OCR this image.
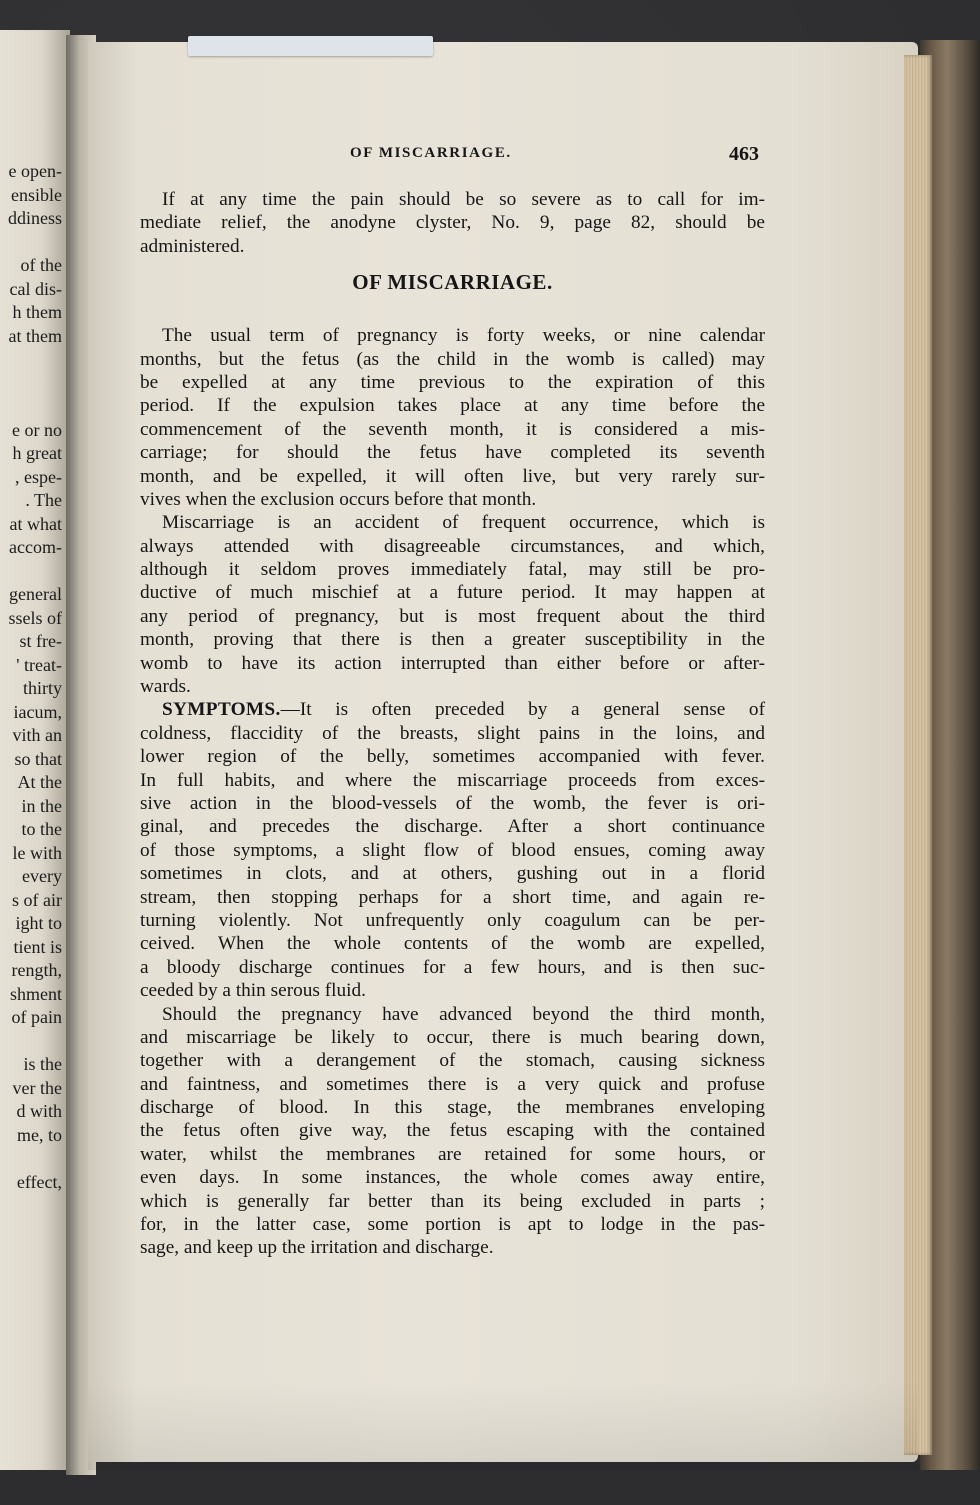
e open-
ensible
ddiness

of the
cal dis-
h them
at them

e or no
h great
, espe-
. The
at what
accom-

general
ssels of
st fre-
' treat-
thirty
iacum,
vith an
so that
At the
in the
to the
le with
every
s of air
ight to
tient is
rength,
shment
of pain

is the
ver the
d with
me, to

effect,
OF MISCARRIAGE.	463
If at any time the pain should be so severe as to call for im-
mediate relief, the anodyne clyster, No. 9, page 82, should be
administered.
OF MISCARRIAGE.
The usual term of pregnancy is forty weeks, or nine calendar
months, but the fetus (as the child in the womb is called) may
be expelled at any time previous to the expiration of this
period. If the expulsion takes place at any time before the
commencement of the seventh month, it is considered a mis-
carriage; for should the fetus have completed its seventh
month, and be expelled, it will often live, but very rarely sur-
vives when the exclusion occurs before that month.
Miscarriage is an accident of frequent occurrence, which is
always attended with disagreeable circumstances, and which,
although it seldom proves immediately fatal, may still be pro-
ductive of much mischief at a future period. It may happen at
any period of pregnancy, but is most frequent about the third
month, proving that there is then a greater susceptibility in the
womb to have its action interrupted than either before or after-
wards.
SYMPTOMS.—It is often preceded by a general sense of
coldness, flaccidity of the breasts, slight pains in the loins, and
lower region of the belly, sometimes accompanied with fever.
In full habits, and where the miscarriage proceeds from exces-
sive action in the blood-vessels of the womb, the fever is ori-
ginal, and precedes the discharge. After a short continuance
of those symptoms, a slight flow of blood ensues, coming away
sometimes in clots, and at others, gushing out in a florid
stream, then stopping perhaps for a short time, and again re-
turning violently. Not unfrequently only coagulum can be per-
ceived. When the whole contents of the womb are expelled,
a bloody discharge continues for a few hours, and is then suc-
ceeded by a thin serous fluid.
Should the pregnancy have advanced beyond the third month,
and miscarriage be likely to occur, there is much bearing down,
together with a derangement of the stomach, causing sickness
and faintness, and sometimes there is a very quick and profuse
discharge of blood. In this stage, the membranes enveloping
the fetus often give way, the fetus escaping with the contained
water, whilst the membranes are retained for some hours, or
even days. In some instances, the whole comes away entire,
which is generally far better than its being excluded in parts ;
for, in the latter case, some portion is apt to lodge in the pas-
sage, and keep up the irritation and discharge.
